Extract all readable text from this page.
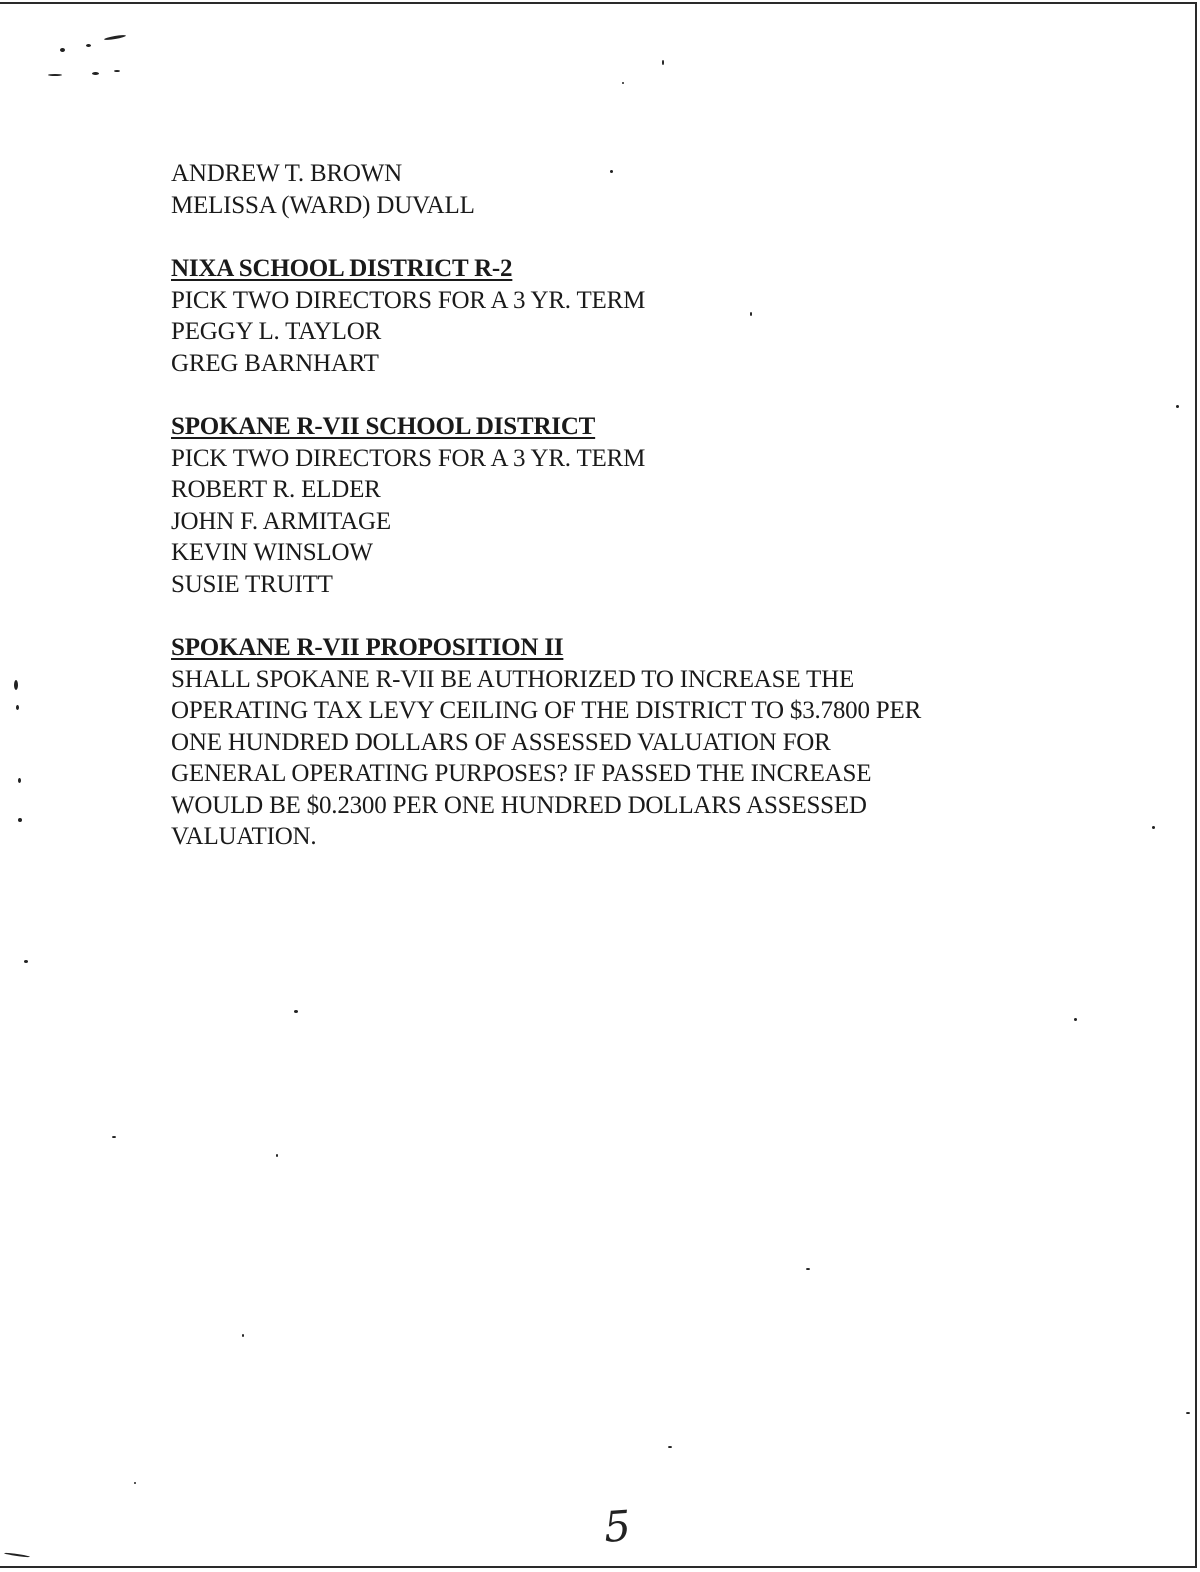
ANDREW T. BROWN
MELISSA (WARD) DUVALL
NIXA SCHOOL DISTRICT R-2
PICK TWO DIRECTORS FOR A 3 YR. TERM
PEGGY L. TAYLOR
GREG BARNHART
SPOKANE R-VII SCHOOL DISTRICT
PICK TWO DIRECTORS FOR A 3 YR. TERM
ROBERT R. ELDER
JOHN F. ARMITAGE
KEVIN WINSLOW
SUSIE TRUITT
SPOKANE R-VII PROPOSITION II
SHALL SPOKANE R-VII BE AUTHORIZED TO INCREASE THE
OPERATING TAX LEVY CEILING OF THE DISTRICT TO $3.7800 PER
ONE HUNDRED DOLLARS OF ASSESSED VALUATION FOR
GENERAL OPERATING PURPOSES? IF PASSED THE INCREASE
WOULD BE $0.2300 PER ONE HUNDRED DOLLARS ASSESSED
VALUATION.
5
